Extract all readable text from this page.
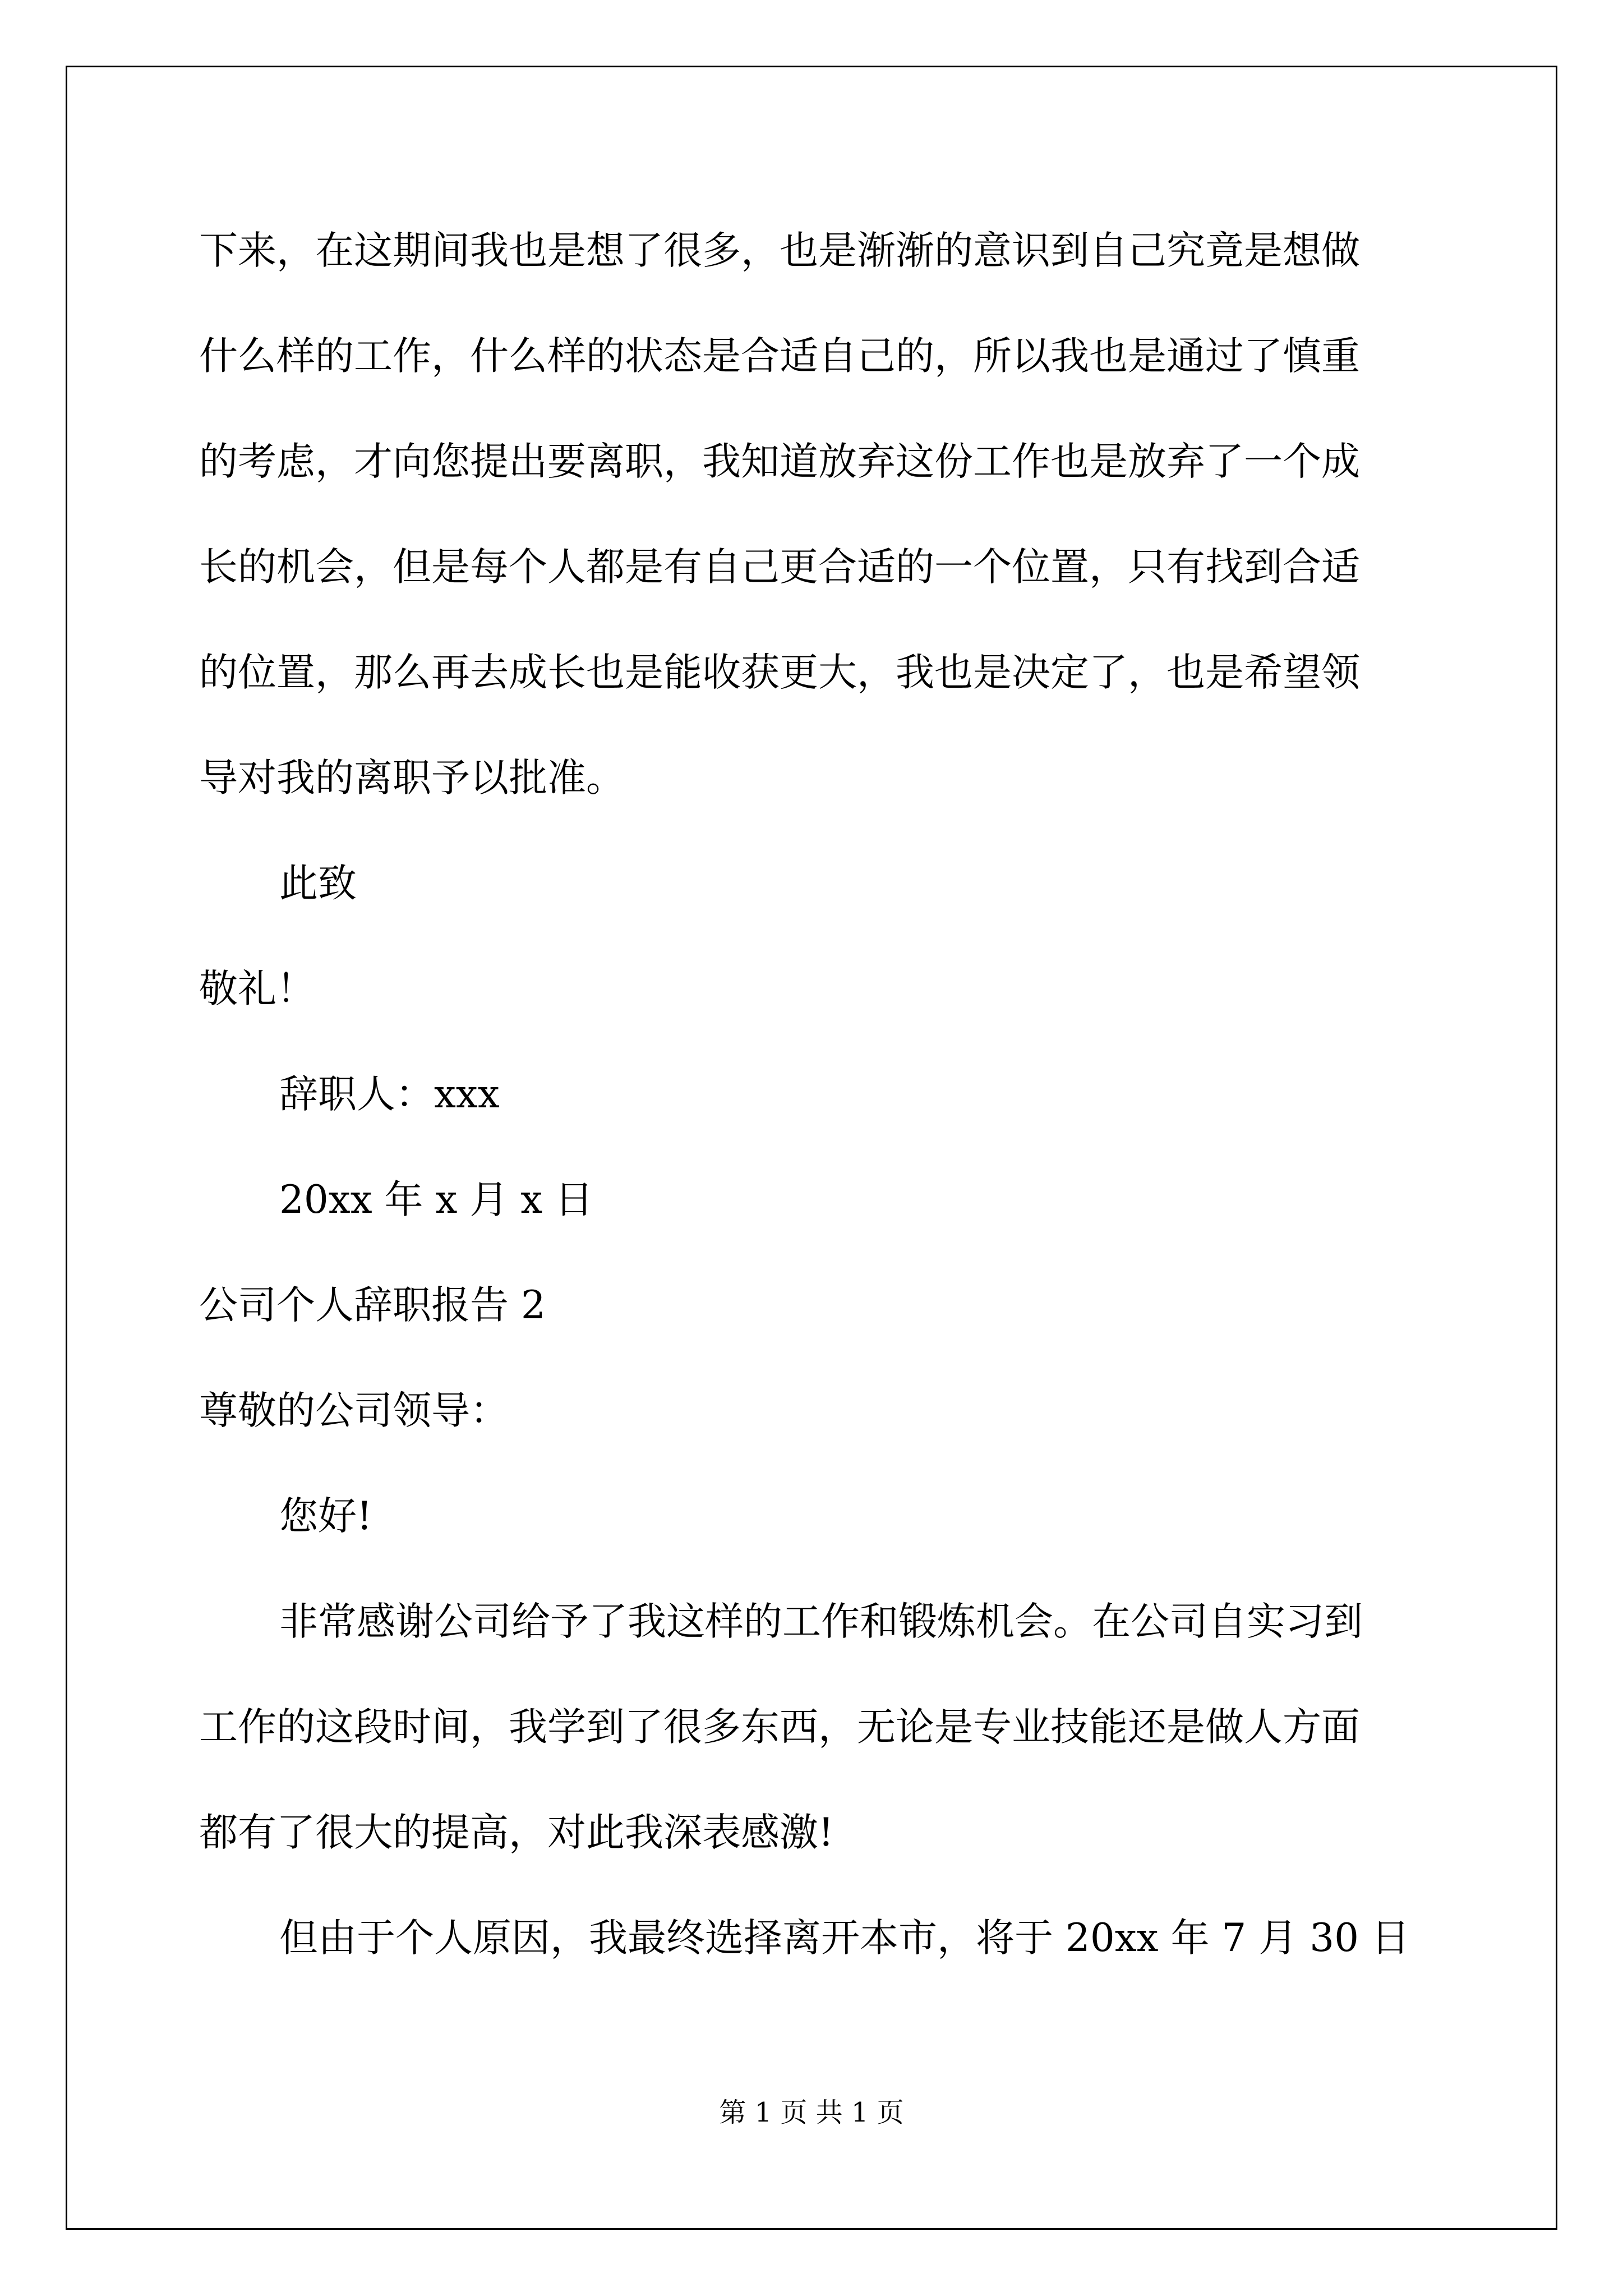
下来，在这期间我也是想了很多，也是渐渐的意识到自己究竟是想做
什么样的工作，什么样的状态是合适自己的，所以我也是通过了慎重
的考虑，才向您提出要离职，我知道放弃这份工作也是放弃了一个成
长的机会，但是每个人都是有自己更合适的一个位置，只有找到合适
的位置，那么再去成长也是能收获更大，我也是决定了，也是希望领
导对我的离职予以批准。
此致
敬礼！
辞职人：xxx
20xx 年 x 月 x 日
公司个人辞职报告 2
尊敬的公司领导：
您好!
非常感谢公司给予了我这样的工作和锻炼机会。在公司自实习到
工作的这段时间，我学到了很多东西，无论是专业技能还是做人方面
都有了很大的提高，对此我深表感激!
但由于个人原因，我最终选择离开本市，将于 20xx 年 7 月 30 日
第 1 页 共 1 页
